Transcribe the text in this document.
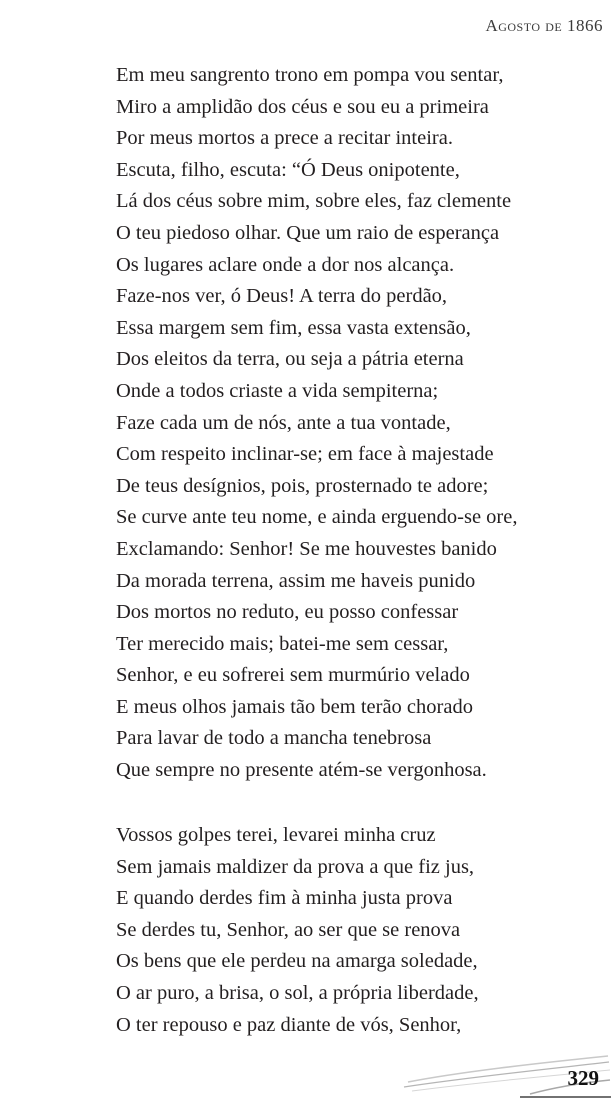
Agosto de 1866
Em meu sangrento trono em pompa vou sentar,
Miro a amplidão dos céus e sou eu a primeira
Por meus mortos a prece a recitar inteira.
Escuta, filho, escuta: “Ó Deus onipotente,
Lá dos céus sobre mim, sobre eles, faz clemente
O teu piedoso olhar. Que um raio de esperança
Os lugares aclare onde a dor nos alcança.
Faze-nos ver, ó Deus! A terra do perdão,
Essa margem sem fim, essa vasta extensão,
Dos eleitos da terra, ou seja a pátria eterna
Onde a todos criaste a vida sempiterna;
Faze cada um de nós, ante a tua vontade,
Com respeito inclinar-se; em face à majestade
De teus desígnios, pois, prosternado te adore;
Se curve ante teu nome, e ainda erguendo-se ore,
Exclamando: Senhor! Se me houvestes banido
Da morada terrena, assim me haveis punido
Dos mortos no reduto, eu posso confessar
Ter merecido mais; batei-me sem cessar,
Senhor, e eu sofrerei sem murmúrio velado
E meus olhos jamais tão bem terão chorado
Para lavar de todo a mancha tenebrosa
Que sempre no presente atém-se vergonhosa.
Vossos golpes terei, levarei minha cruz
Sem jamais maldizer da prova a que fiz jus,
E quando derdes fim à minha justa prova
Se derdes tu, Senhor, ao ser que se renova
Os bens que ele perdeu na amarga soledade,
O ar puro, a brisa, o sol, a própria liberdade,
O ter repouso e paz diante de vós, Senhor,
329
